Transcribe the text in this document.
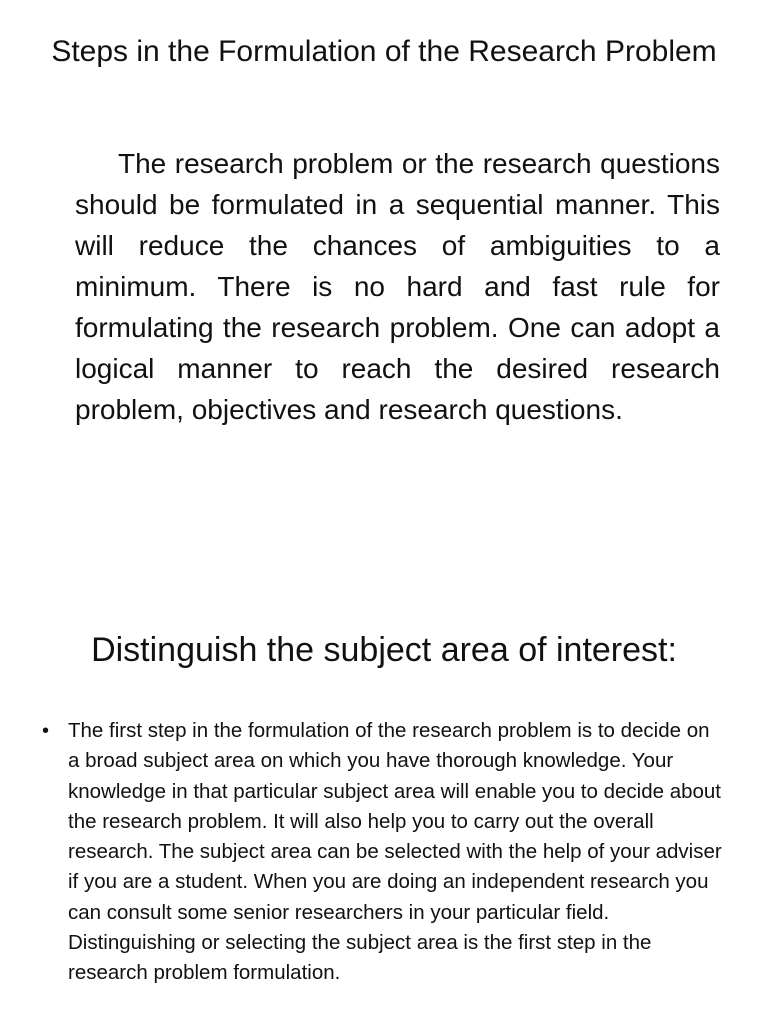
Steps in the Formulation of the Research Problem

The research problem or the research questions should be formulated in a sequential manner. This will reduce the chances of ambiguities to a minimum. There is no hard and fast rule for formulating the research problem. One can adopt a logical manner to reach the desired research problem, objectives and research questions.

Distinguish the subject area of interest:
• The first step in the formulation of the research problem is to decide on a broad subject area on which you have thorough knowledge. Your knowledge in that particular subject area will enable you to decide about the research problem. It will also help you to carry out the overall research. The subject area can be selected with the help of your adviser if you are a student. When you are doing an independent research you can consult some senior researchers in your particular field. Distinguishing or selecting the subject area is the first step in the research problem formulation.
